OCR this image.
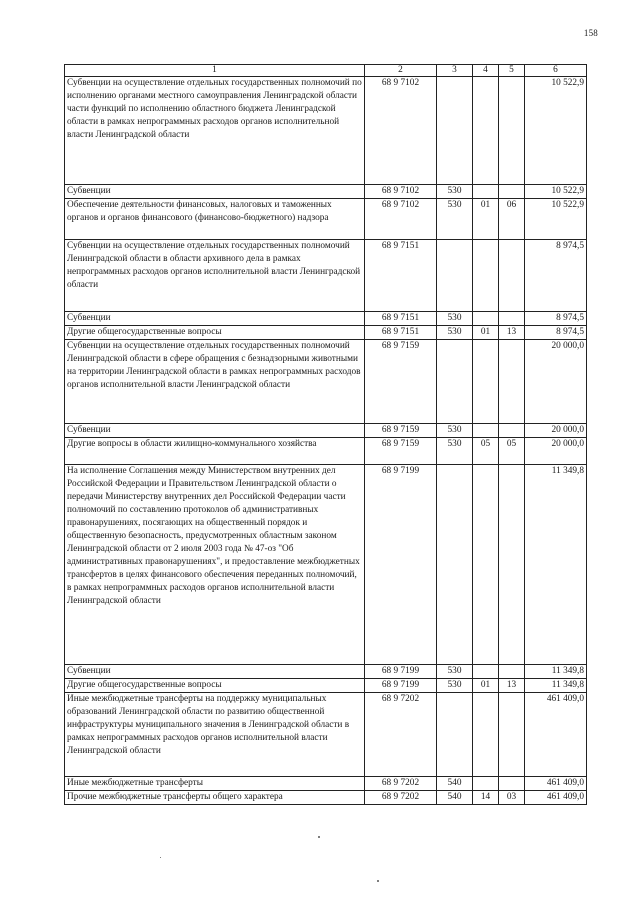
158
1	2	3	4	5	6
Субвенции на осуществление отдельных государственных полномочий по исполнению органами местного самоуправления Ленинградской области части функций по исполнению областного бюджета Ленинградской области в рамках непрограммных расходов органов исполнительной власти Ленинградской области	68 9 7102				10 522,9
Субвенции	68 9 7102	530			10 522,9
Обеспечение деятельности финансовых, налоговых и таможенных органов и органов финансового (финансово-бюджетного) надзора	68 9 7102	530	01	06	10 522,9
Субвенции на осуществление отдельных государственных полномочий Ленинградской области в области архивного дела в рамках непрограммных расходов органов исполнительной власти Ленинградской области	68 9 7151				8 974,5
Субвенции	68 9 7151	530			8 974,5
Другие общегосударственные вопросы	68 9 7151	530	01	13	8 974,5
Субвенции на осуществление отдельных государственных полномочий Ленинградской области в сфере обращения с безнадзорными животными на территории Ленинградской области в рамках непрограммных расходов органов исполнительной власти Ленинградской области	68 9 7159				20 000,0
Субвенции	68 9 7159	530			20 000,0
Другие вопросы в области жилищно-коммунального хозяйства	68 9 7159	530	05	05	20 000,0
На исполнение Соглашения между Министерством внутренних дел Российской Федерации и Правительством Ленинградской области о передачи Министерству внутренних дел Российской Федерации части полномочий по составлению протоколов об административных правонарушениях, посягающих на общественный порядок и общественную безопасность, предусмотренных областным законом Ленинградской области от 2 июля 2003 года № 47-оз "Об административных правонарушениях", и предоставление межбюджетных трансфертов в целях финансового обеспечения переданных полномочий, в рамках непрограммных расходов органов исполнительной власти Ленинградской области	68 9 7199				11 349,8
Субвенции	68 9 7199	530			11 349,8
Другие общегосударственные вопросы	68 9 7199	530	01	13	11 349,8
Иные межбюджетные трансферты на поддержку муниципальных образований Ленинградской области по развитию общественной инфраструктуры муниципального значения в Ленинградской области в рамках непрограммных расходов органов исполнительной власти Ленинградской области	68 9 7202				461 409,0
Иные межбюджетные трансферты	68 9 7202	540			461 409,0
Прочие межбюджетные трансферты общего характера	68 9 7202	540	14	03	461 409,0
